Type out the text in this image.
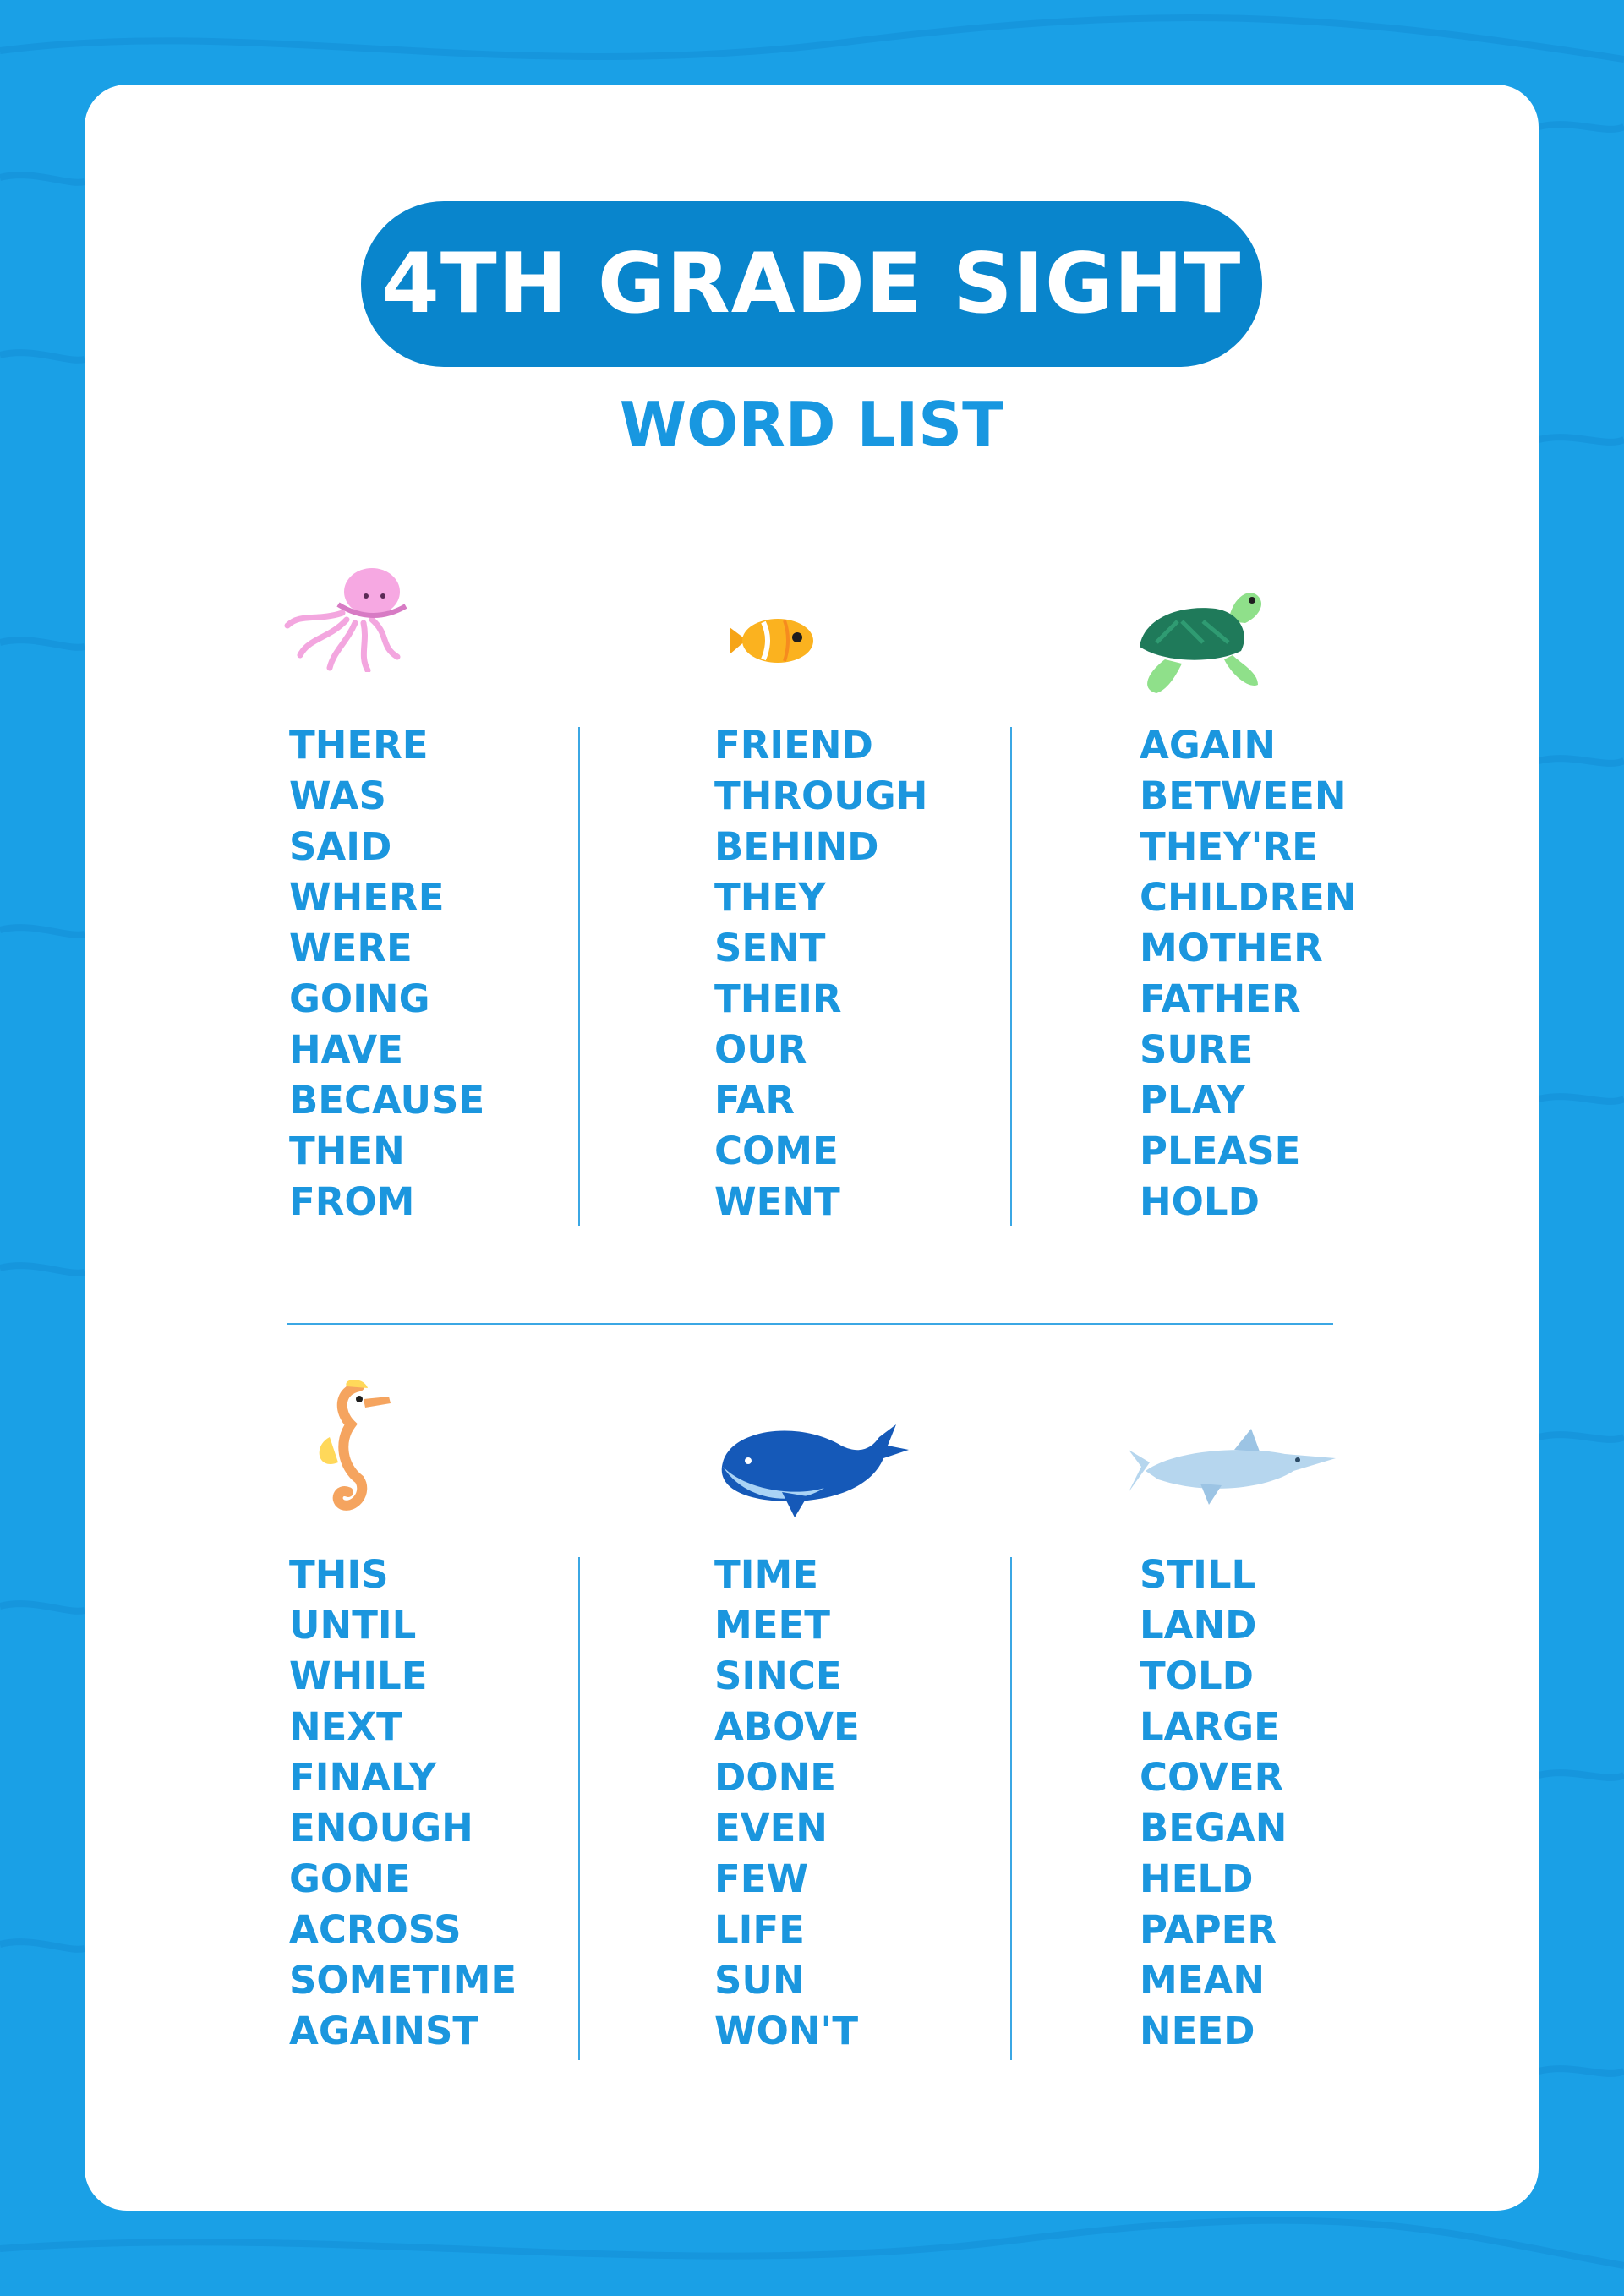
4TH GRADE SIGHT
WORD LIST
THERE
WAS
SAID
WHERE
WERE
GOING
HAVE
BECAUSE
THEN
FROM
FRIEND
THROUGH
BEHIND
THEY
SENT
THEIR
OUR
FAR
COME
WENT
AGAIN
BETWEEN
THEY'RE
CHILDREN
MOTHER
FATHER
SURE
PLAY
PLEASE
HOLD
THIS
UNTIL
WHILE
NEXT
FINALY
ENOUGH
GONE
ACROSS
SOMETIME
AGAINST
TIME
MEET
SINCE
ABOVE
DONE
EVEN
FEW
LIFE
SUN
WON'T
STILL
LAND
TOLD
LARGE
COVER
BEGAN
HELD
PAPER
MEAN
NEED
